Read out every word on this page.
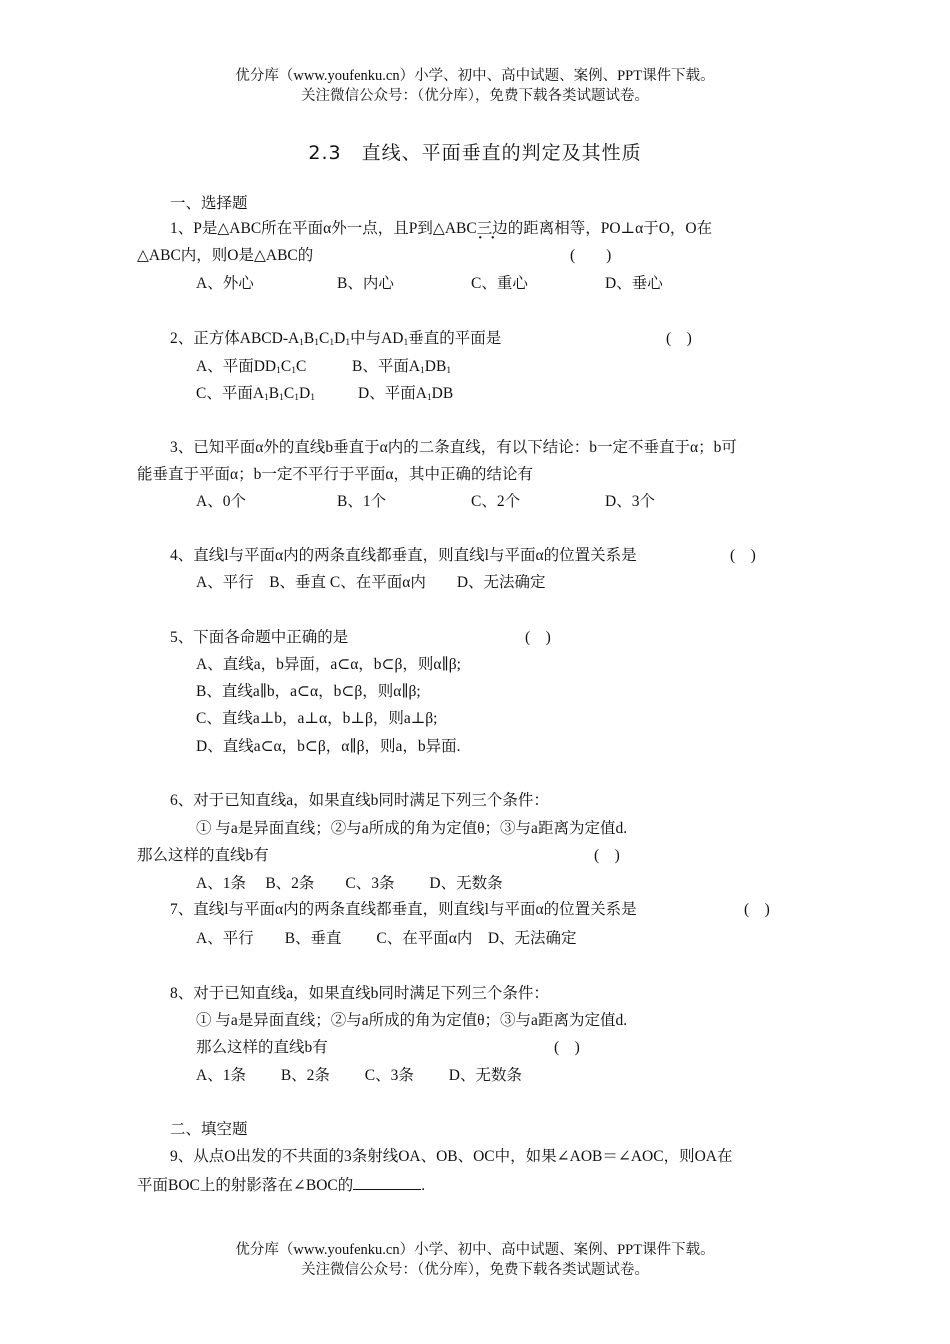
优分库（www.youfenku.cn）小学、初中、高中试题、案例、PPT课件下载。
关注微信公众号：（优分库），免费下载各类试题试卷。
2.3　直线、平面垂直的判定及其性质
一、选择题
1、P是△ABC所在平面α外一点，且P到△ABC三边 · ·的距离相等，PO⊥α于O，O在
△ABC内，则O是△ABC的	(　　)
A、外心	B、内心	C、重心	D、垂心
2、正方体ABCD-$A_1B_1C_1D_1$中与$AD_1$垂直的平面是	(　)
A、平面$DD_1C_1C$	B、平面$A_1DB_1$
C、平面$A_1B_1C_1D_1$	D、平面$A_1DB$
3、已知平面α外的直线b垂直于α内的二条直线，有以下结论：b一定不垂直于α；b可
能垂直于平面α；b一定不平行于平面α，其中正确的结论有
A、0个	B、1个	C、2个	D、3个
4、直线l与平面α内的两条直线都垂直，则直线l与平面α的位置关系是	(　)
A、平行　B、垂直 C、在平面α内　　D、无法确定
5、下面各命题中正确的是	(　)
A、直线a，b异面，a⊂α，b⊂β，则α∥β;
B、直线a∥b，a⊂α，b⊂β，则α∥β;
C、直线a⊥b，a⊥α，b⊥β，则a⊥β;
D、直线a⊂α，b⊂β，α∥β，则a，b异面.
6、对于已知直线a，如果直线b同时满足下列三个条件：
① 与a是异面直线；②与a所成的角为定值θ；③与a距离为定值d.
那么这样的直线b有	(　)
A、1条　 B、2条　　C、3条　　 D、无数条
7、直线l与平面α内的两条直线都垂直，则直线l与平面α的位置关系是	(　)
A、平行　　B、垂直　　 C、在平面α内　D、无法确定
8、对于已知直线a，如果直线b同时满足下列三个条件：
① 与a是异面直线；②与a所成的角为定值θ；③与a距离为定值d.
那么这样的直线b有	(　)
A、1条　　 B、2条　　 C、3条　　 D、无数条
二、填空题
9、从点O出发的不共面的3条射线OA、OB、OC中，如果∠AOB＝∠AOC，则OA在
平面BOC上的射影落在∠BOC的	.
优分库（www.youfenku.cn）小学、初中、高中试题、案例、PPT课件下载。
关注微信公众号：（优分库），免费下载各类试题试卷。
